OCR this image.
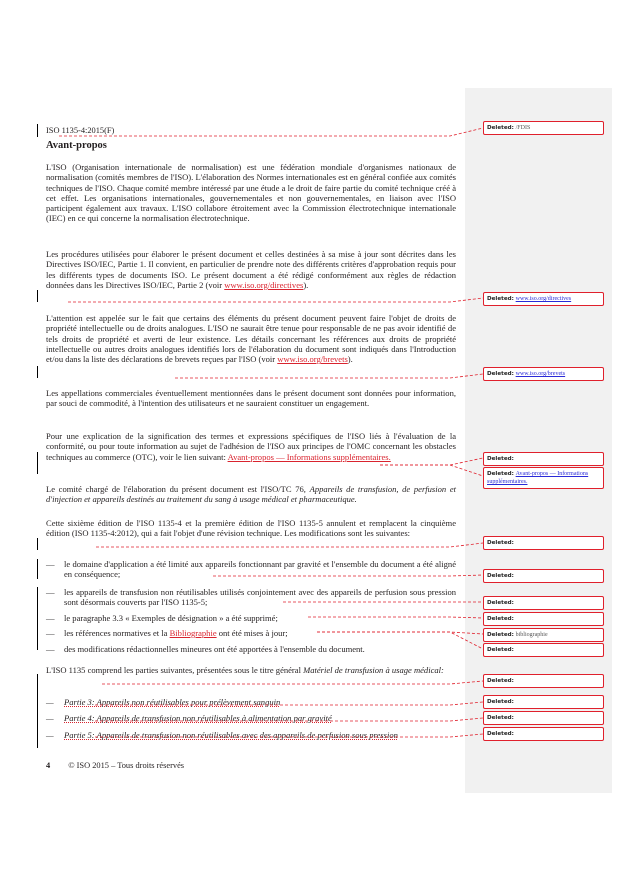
ISO 1135-4:2015(F)
Avant-propos
L'ISO (Organisation internationale de normalisation) est une fédération mondiale d'organismes nationaux de normalisation (comités membres de l'ISO). L'élaboration des Normes internationales est en général confiée aux comités techniques de l'ISO. Chaque comité membre intéressé par une étude a le droit de faire partie du comité technique créé à cet effet. Les organisations internationales, gouvernementales et non gouvernementales, en liaison avec l'ISO participent également aux travaux. L'ISO collabore étroitement avec la Commission électrotechnique internationale (IEC) en ce qui concerne la normalisation électrotechnique.
Les procédures utilisées pour élaborer le présent document et celles destinées à sa mise à jour sont décrites dans les Directives ISO/IEC, Partie 1. Il convient, en particulier de prendre note des différents critères d'approbation requis pour les différents types de documents ISO. Le présent document a été rédigé conformément aux règles de rédaction données dans les Directives ISO/IEC, Partie 2 (voir www.iso.org/directives).
L'attention est appelée sur le fait que certains des éléments du présent document peuvent faire l'objet de droits de propriété intellectuelle ou de droits analogues. L'ISO ne saurait être tenue pour responsable de ne pas avoir identifié de tels droits de propriété et averti de leur existence. Les détails concernant les références aux droits de propriété intellectuelle ou autres droits analogues identifiés lors de l'élaboration du document sont indiqués dans l'Introduction et/ou dans la liste des déclarations de brevets reçues par l'ISO (voir www.iso.org/brevets).
Les appellations commerciales éventuellement mentionnées dans le présent document sont données pour information, par souci de commodité, à l'intention des utilisateurs et ne sauraient constituer un engagement.
Pour une explication de la signification des termes et expressions spécifiques de l'ISO liés à l'évaluation de la conformité, ou pour toute information au sujet de l'adhésion de l'ISO aux principes de l'OMC concernant les obstacles techniques au commerce (OTC), voir le lien suivant: Avant-propos — Informations supplémentaires.
Le comité chargé de l'élaboration du présent document est l'ISO/TC 76, Appareils de transfusion, de perfusion et d'injection et appareils destinés au traitement du sang à usage médical et pharmaceutique.
Cette sixième édition de l'ISO 1135-4 et la première édition de l'ISO 1135-5 annulent et remplacent la cinquième édition (ISO 1135-4:2012), qui a fait l'objet d'une révision technique. Les modifications sont les suivantes:
— le domaine d'application a été limité aux appareils fonctionnant par gravité et l'ensemble du document a été aligné en conséquence;
— les appareils de transfusion non réutilisables utilisés conjointement avec des appareils de perfusion sous pression sont désormais couverts par l'ISO 1135-5;
— le paragraphe 3.3 « Exemples de désignation » a été supprimé;
— les références normatives et la Bibliographie ont été mises à jour;
— des modifications rédactionnelles mineures ont été apportées à l'ensemble du document.
L'ISO 1135 comprend les parties suivantes, présentées sous le titre général Matériel de transfusion à usage médical:
— Partie 3: Appareils non réutilisables pour prélèvement sanguin
— Partie 4: Appareils de transfusion non réutilisables à alimentation par gravité
— Partie 5: Appareils de transfusion non réutilisables avec des appareils de perfusion sous pression
4 © ISO 2015 – Tous droits réservés
Deleted: /FDIS
Deleted: www.iso.org/directives
Deleted: www.iso.org/brevets
Deleted:
Deleted: Avant-propos — Informations supplémentaires.
Deleted:
Deleted:
Deleted:
Deleted:
Deleted: bibliographie
Deleted:
Deleted:
Deleted:
Deleted:
Deleted:
